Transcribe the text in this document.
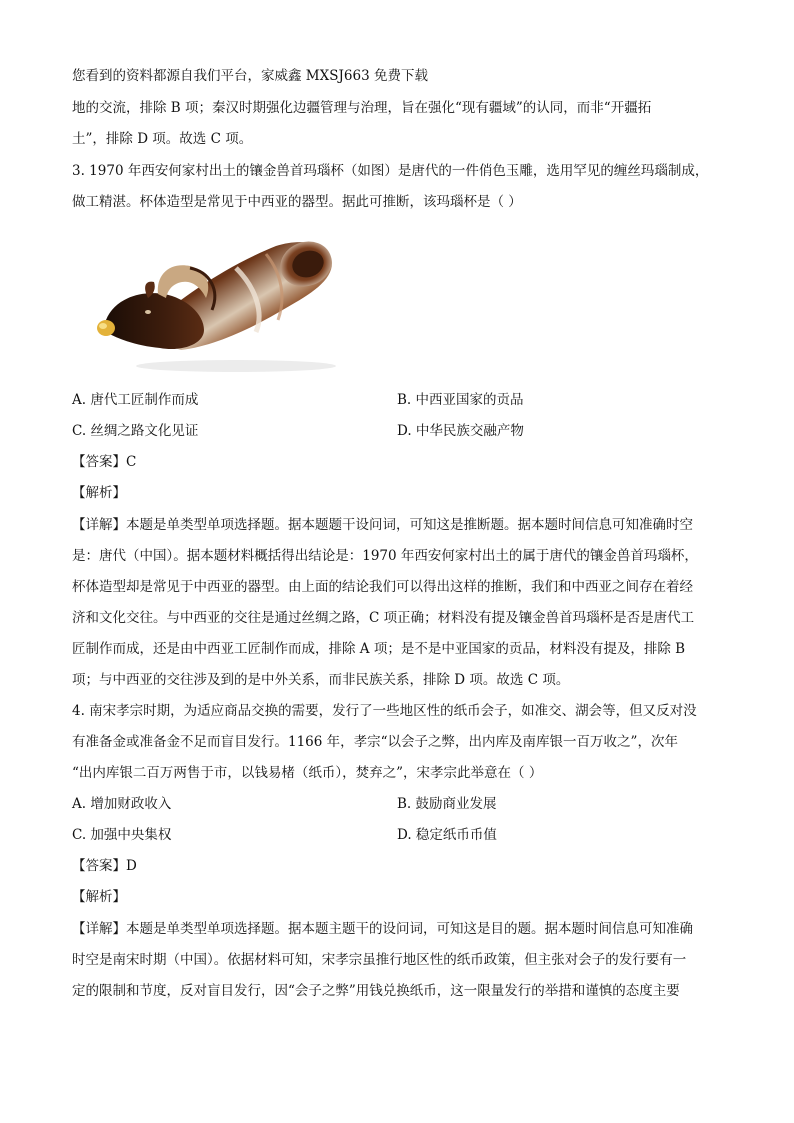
您看到的资料都源自我们平台，家威鑫 MXSJ663 免费下载
地的交流，排除 B 项；秦汉时期强化边疆管理与治理，旨在强化“现有疆域”的认同，而非“开疆拓
土”，排除 D 项。故选 C 项。
3. 1970 年西安何家村出土的镶金兽首玛瑙杯（如图）是唐代的一件俏色玉雕，选用罕见的缠丝玛瑙制成，
做工精湛。杯体造型是常见于中西亚的器型。据此可推断，该玛瑙杯是（ ）
A. 唐代工匠制作而成	B. 中西亚国家的贡品
C. 丝绸之路文化见证	D. 中华民族交融产物
【答案】C
【解析】
【详解】本题是单类型单项选择题。据本题题干设问词，可知这是推断题。据本题时间信息可知准确时空
是：唐代（中国）。据本题材料概括得出结论是：1970 年西安何家村出土的属于唐代的镶金兽首玛瑙杯，
杯体造型却是常见于中西亚的器型。由上面的结论我们可以得出这样的推断，我们和中西亚之间存在着经
济和文化交往。与中西亚的交往是通过丝绸之路，C 项正确；材料没有提及镶金兽首玛瑙杯是否是唐代工
匠制作而成，还是由中西亚工匠制作而成，排除 A 项；是不是中亚国家的贡品，材料没有提及，排除 B
项；与中西亚的交往涉及到的是中外关系，而非民族关系，排除 D 项。故选 C 项。
4. 南宋孝宗时期，为适应商品交换的需要，发行了一些地区性的纸币会子，如准交、湖会等，但又反对没
有准备金或准备金不足而盲目发行。1166 年，孝宗“以会子之弊，出内库及南库银一百万收之”，次年
“出内库银二百万两售于市，以钱易楮（纸币），焚弃之”，宋孝宗此举意在（ ）
A. 增加财政收入	B. 鼓励商业发展
C. 加强中央集权	D. 稳定纸币币值
【答案】D
【解析】
【详解】本题是单类型单项选择题。据本题主题干的设问词，可知这是目的题。据本题时间信息可知准确
时空是南宋时期（中国）。依据材料可知，宋孝宗虽推行地区性的纸币政策，但主张对会子的发行要有一
定的限制和节度，反对盲目发行，因“会子之弊”用钱兑换纸币，这一限量发行的举措和谨慎的态度主要
